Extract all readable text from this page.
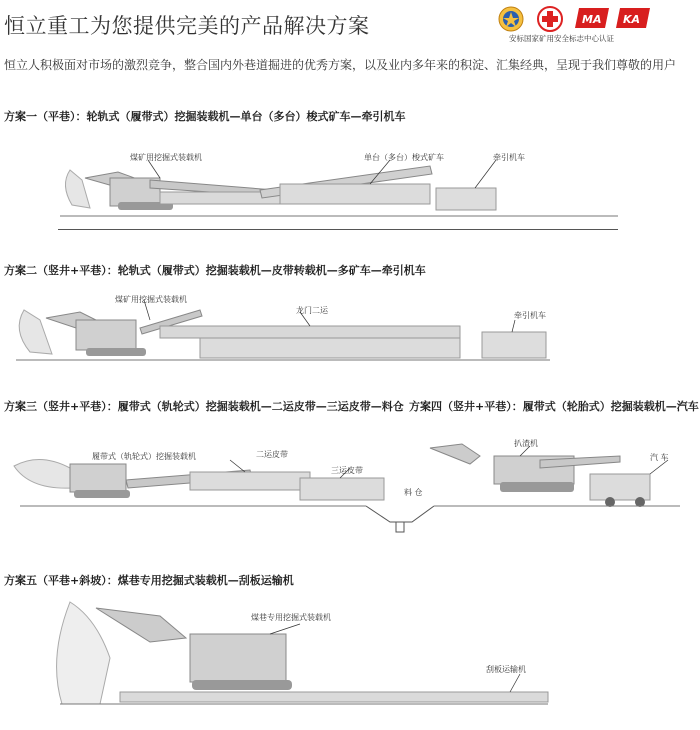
恒立重工为您提供完美的产品解决方案	MA KA
安标国家矿用安全标志中心认证
恒立人积极面对市场的激烈竞争，整合国内外巷道掘进的优秀方案，以及业内多年来的积淀、汇集经典，呈现于我们尊敬的用户
方案一（平巷）：轮轨式（履带式）挖掘装载机—单台（多台）梭式矿车—牵引机车
煤矿用挖掘式装载机	单台（多台）梭式矿车	牵引机车
方案二（竖井+平巷）：轮轨式（履带式）挖掘装载机—皮带转载机—多矿车—牵引机车
煤矿用挖掘式装载机
龙门二运
牵引机车
方案三（竖井+平巷）：履带式（轨轮式）挖掘装载机—二运皮带—三运皮带—料仓 方案四（竖井+平巷）：履带式（轮胎式）挖掘装载机—汽车
履带式（轨轮式）挖掘装载机	二运皮带
三运皮带
料 仓
扒渣机
汽 车
方案五（平巷+斜坡）：煤巷专用挖掘式装载机—刮板运输机
煤巷专用挖掘式装载机
刮板运输机
